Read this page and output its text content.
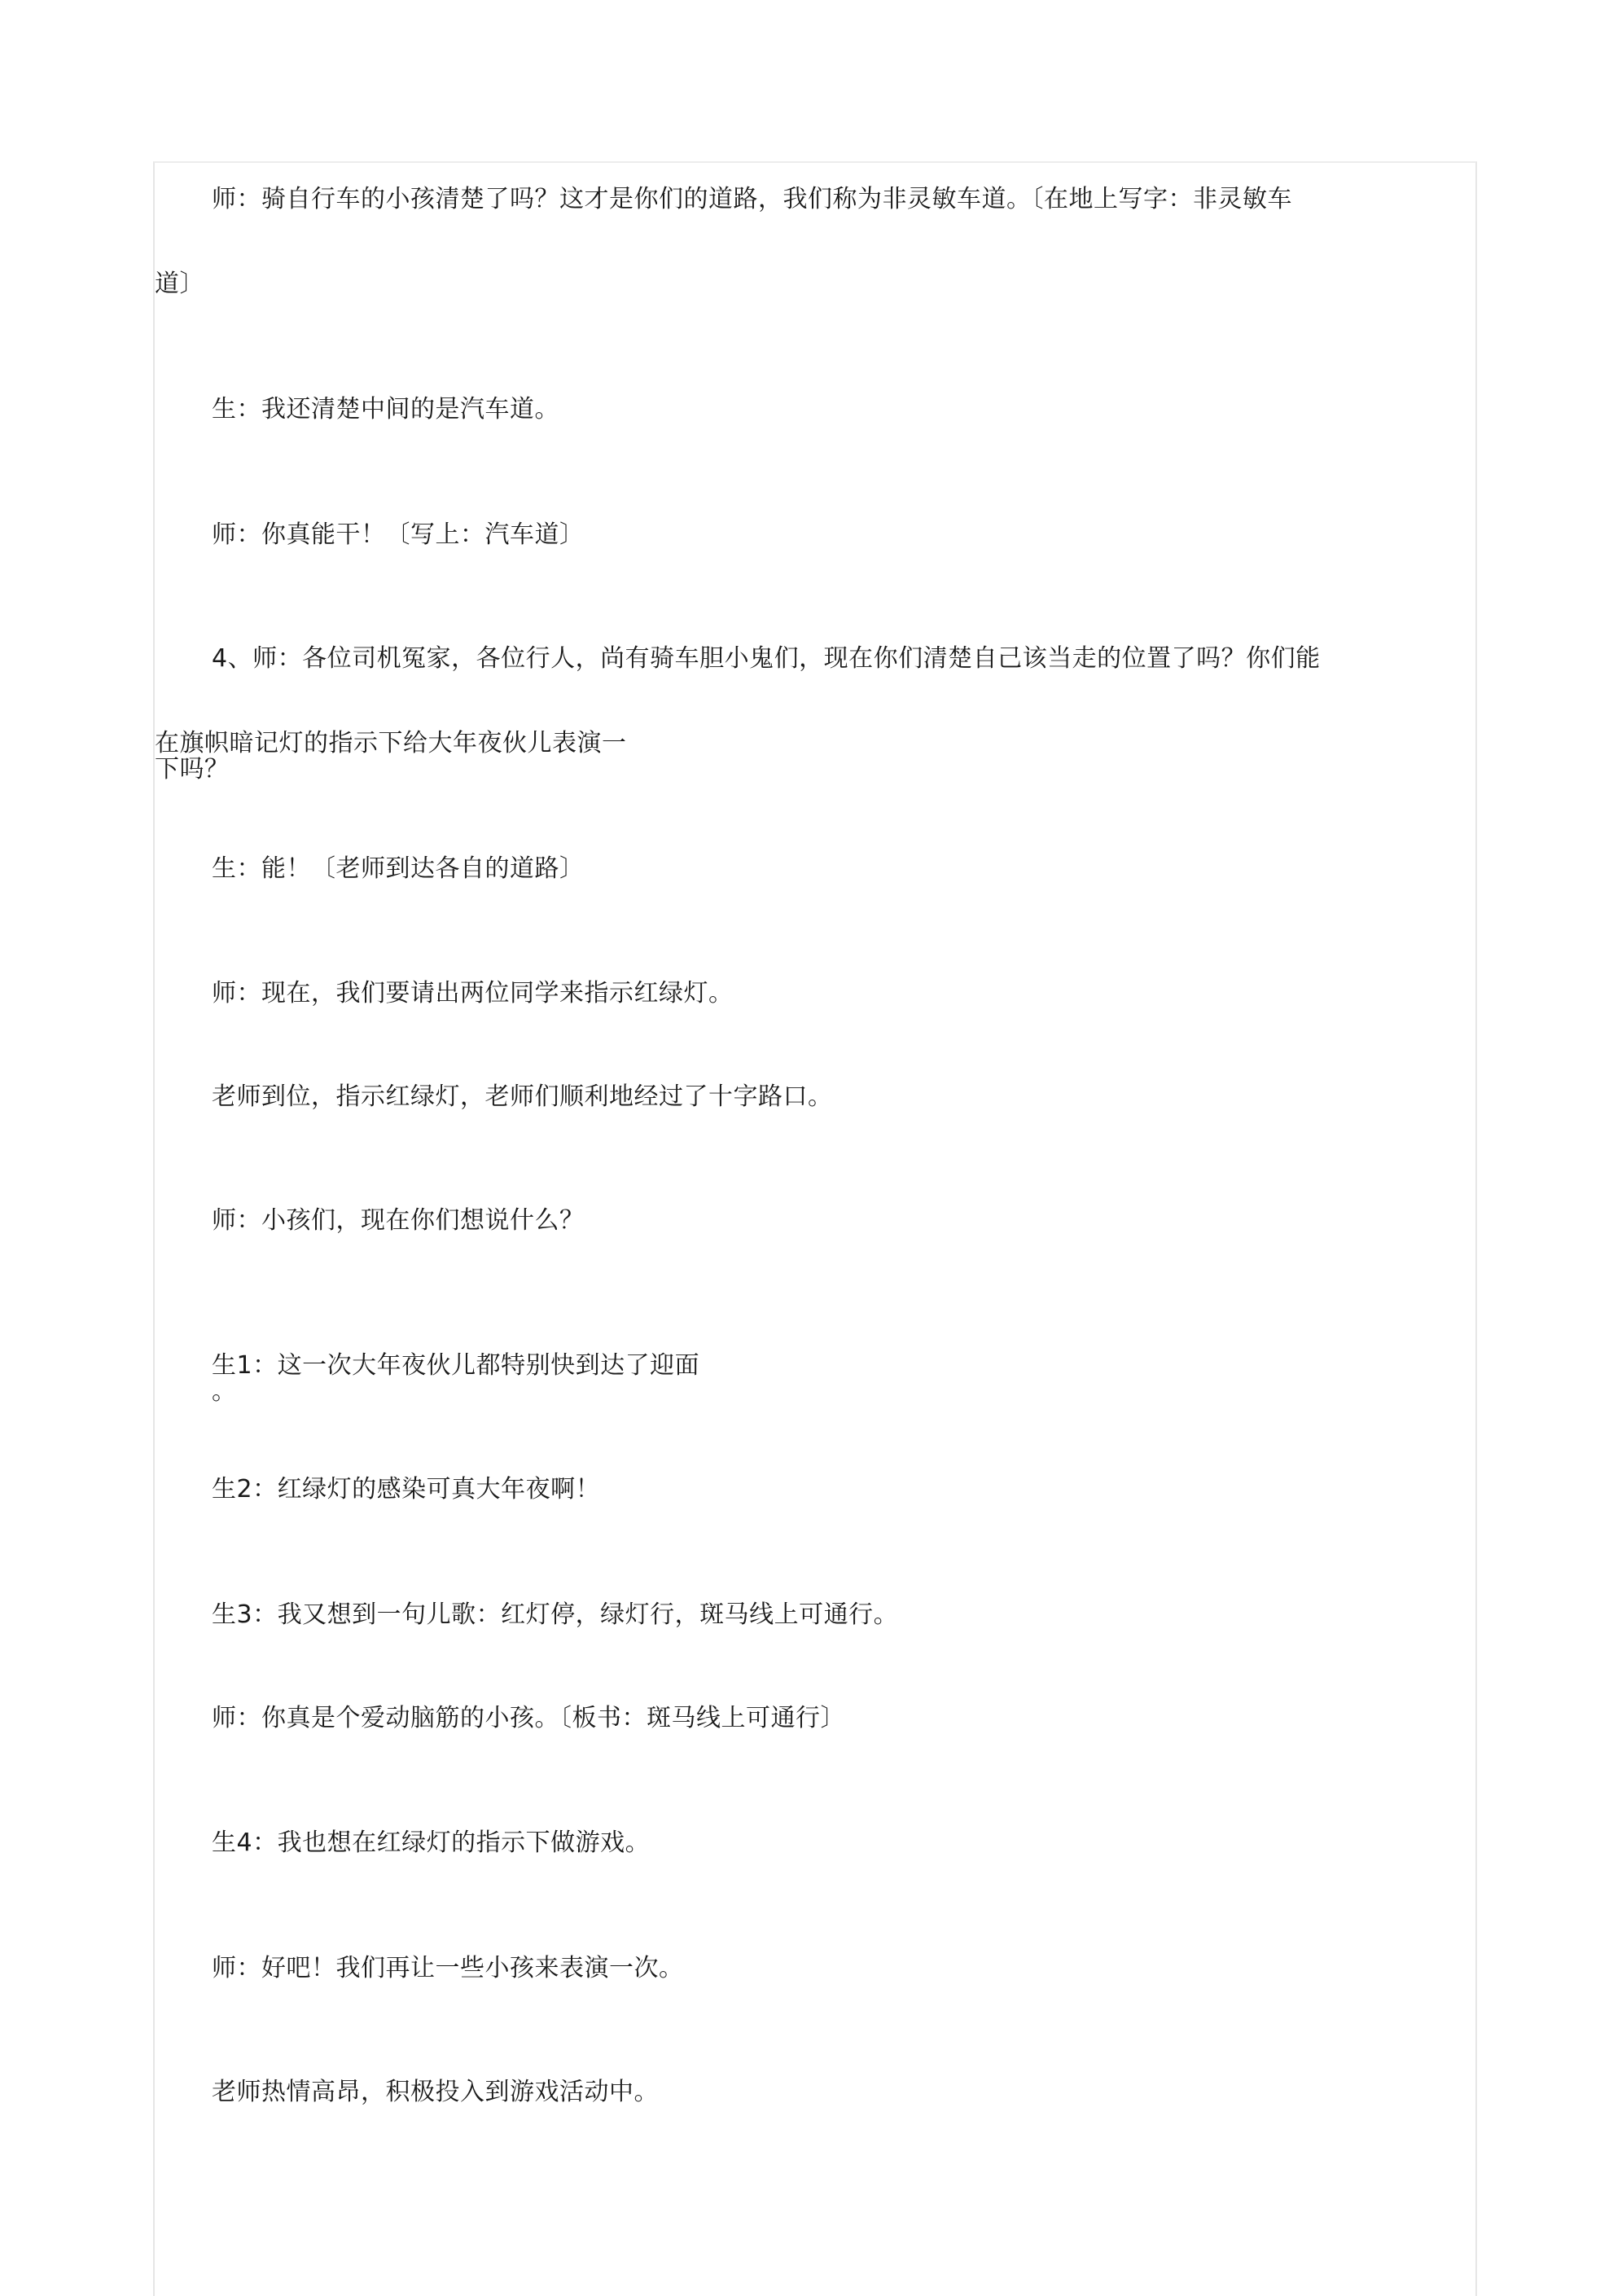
师：骑自行车的小孩清楚了吗？这才是你们的道路，我们称为非灵敏车道。〔在地上写字：非灵敏车
道〕
生：我还清楚中间的是汽车道。
师：你真能干！〔写上：汽车道〕
4、师：各位司机冤家，各位行人，尚有骑车胆小鬼们，现在你们清楚自己该当走的位置了吗？你们能
在旗帜暗记灯的指示下给大年夜伙儿表演一
下吗？
生：能！〔老师到达各自的道路〕
师：现在，我们要请出两位同学来指示红绿灯。
老师到位，指示红绿灯，老师们顺利地经过了十字路口。
师：小孩们，现在你们想说什么？
生1：这一次大年夜伙儿都特别快到达了迎面
。
生2：红绿灯的感染可真大年夜啊！
生3：我又想到一句儿歌：红灯停，绿灯行，斑马线上可通行。
师：你真是个爱动脑筋的小孩。〔板书：斑马线上可通行〕
生4：我也想在红绿灯的指示下做游戏。
师：好吧！我们再让一些小孩来表演一次。
老师热情高昂，积极投入到游戏活动中。
